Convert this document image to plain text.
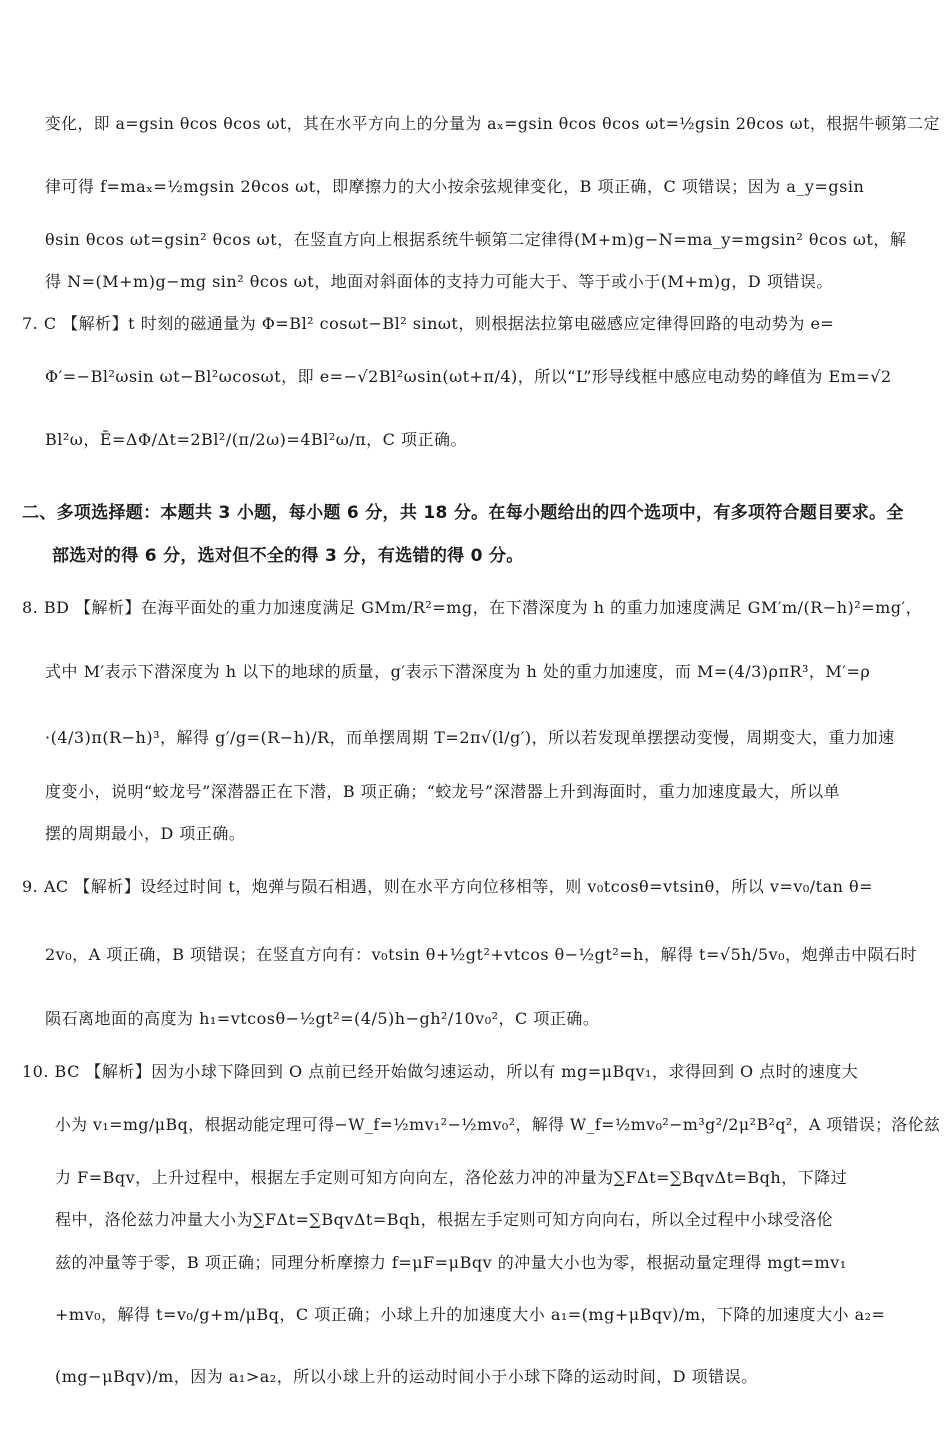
变化，即 a=gsin θcos θcos ωt，其在水平方向上的分量为 aₓ=gsin θcos θcos ωt=½gsin 2θcos ωt，根据牛顿第二定
律可得 f=maₓ=½mgsin 2θcos ωt，即摩擦力的大小按余弦规律变化，B 项正确，C 项错误；因为 a_y=gsin
θsin θcos ωt=gsin² θcos ωt，在竖直方向上根据系统牛顿第二定律得(M+m)g−N=ma_y=mgsin² θcos ωt，解
得 N=(M+m)g−mg sin² θcos ωt，地面对斜面体的支持力可能大于、等于或小于(M+m)g，D 项错误。
7. C 【解析】t 时刻的磁通量为 Φ=Bl² cosωt−Bl² sinωt，则根据法拉第电磁感应定律得回路的电动势为 e=
Φ′=−Bl²ωsin ωt−Bl²ωcosωt，即 e=−√2Bl²ωsin(ωt+π/4)，所以“L”形导线框中感应电动势的峰值为 Em=√2
Bl²ω，Ē=ΔΦ/Δt=2Bl²/(π/2ω)=4Bl²ω/π，C 项正确。
二、多项选择题：本题共 3 小题，每小题 6 分，共 18 分。在每小题给出的四个选项中，有多项符合题目要求。全
部选对的得 6 分，选对但不全的得 3 分，有选错的得 0 分。
8. BD 【解析】在海平面处的重力加速度满足 GMm/R²=mg，在下潜深度为 h 的重力加速度满足 GM′m/(R−h)²=mg′，
式中 M′表示下潜深度为 h 以下的地球的质量，g′表示下潜深度为 h 处的重力加速度，而 M=(4/3)ρπR³，M′=ρ
·(4/3)π(R−h)³，解得 g′/g=(R−h)/R，而单摆周期 T=2π√(l/g′)，所以若发现单摆摆动变慢，周期变大，重力加速
度变小，说明“蛟龙号”深潜器正在下潜，B 项正确；“蛟龙号”深潜器上升到海面时，重力加速度最大，所以单
摆的周期最小，D 项正确。
9. AC 【解析】设经过时间 t，炮弹与陨石相遇，则在水平方向位移相等，则 v₀tcosθ=vtsinθ，所以 v=v₀/tan θ=
2v₀，A 项正确，B 项错误；在竖直方向有：v₀tsin θ+½gt²+vtcos θ−½gt²=h，解得 t=√5h/5v₀，炮弹击中陨石时
陨石离地面的高度为 h₁=vtcosθ−½gt²=(4/5)h−gh²/10v₀²，C 项正确。
10. BC 【解析】因为小球下降回到 O 点前已经开始做匀速运动，所以有 mg=μBqv₁，求得回到 O 点时的速度大
小为 v₁=mg/μBq，根据动能定理可得−W_f=½mv₁²−½mv₀²，解得 W_f=½mv₀²−m³g²/2μ²B²q²，A 项错误；洛伦兹
力 F=Bqv，上升过程中，根据左手定则可知方向向左，洛伦兹力冲的冲量为∑FΔt=∑BqvΔt=Bqh，下降过
程中，洛伦兹力冲量大小为∑FΔt=∑BqvΔt=Bqh，根据左手定则可知方向向右，所以全过程中小球受洛伦
兹的冲量等于零，B 项正确；同理分析摩擦力 f=μF=μBqv 的冲量大小也为零，根据动量定理得 mgt=mv₁
+mv₀，解得 t=v₀/g+m/μBq，C 项正确；小球上升的加速度大小 a₁=(mg+μBqv)/m，下降的加速度大小 a₂=
(mg−μBqv)/m，因为 a₁>a₂，所以小球上升的运动时间小于小球下降的运动时间，D 项错误。
